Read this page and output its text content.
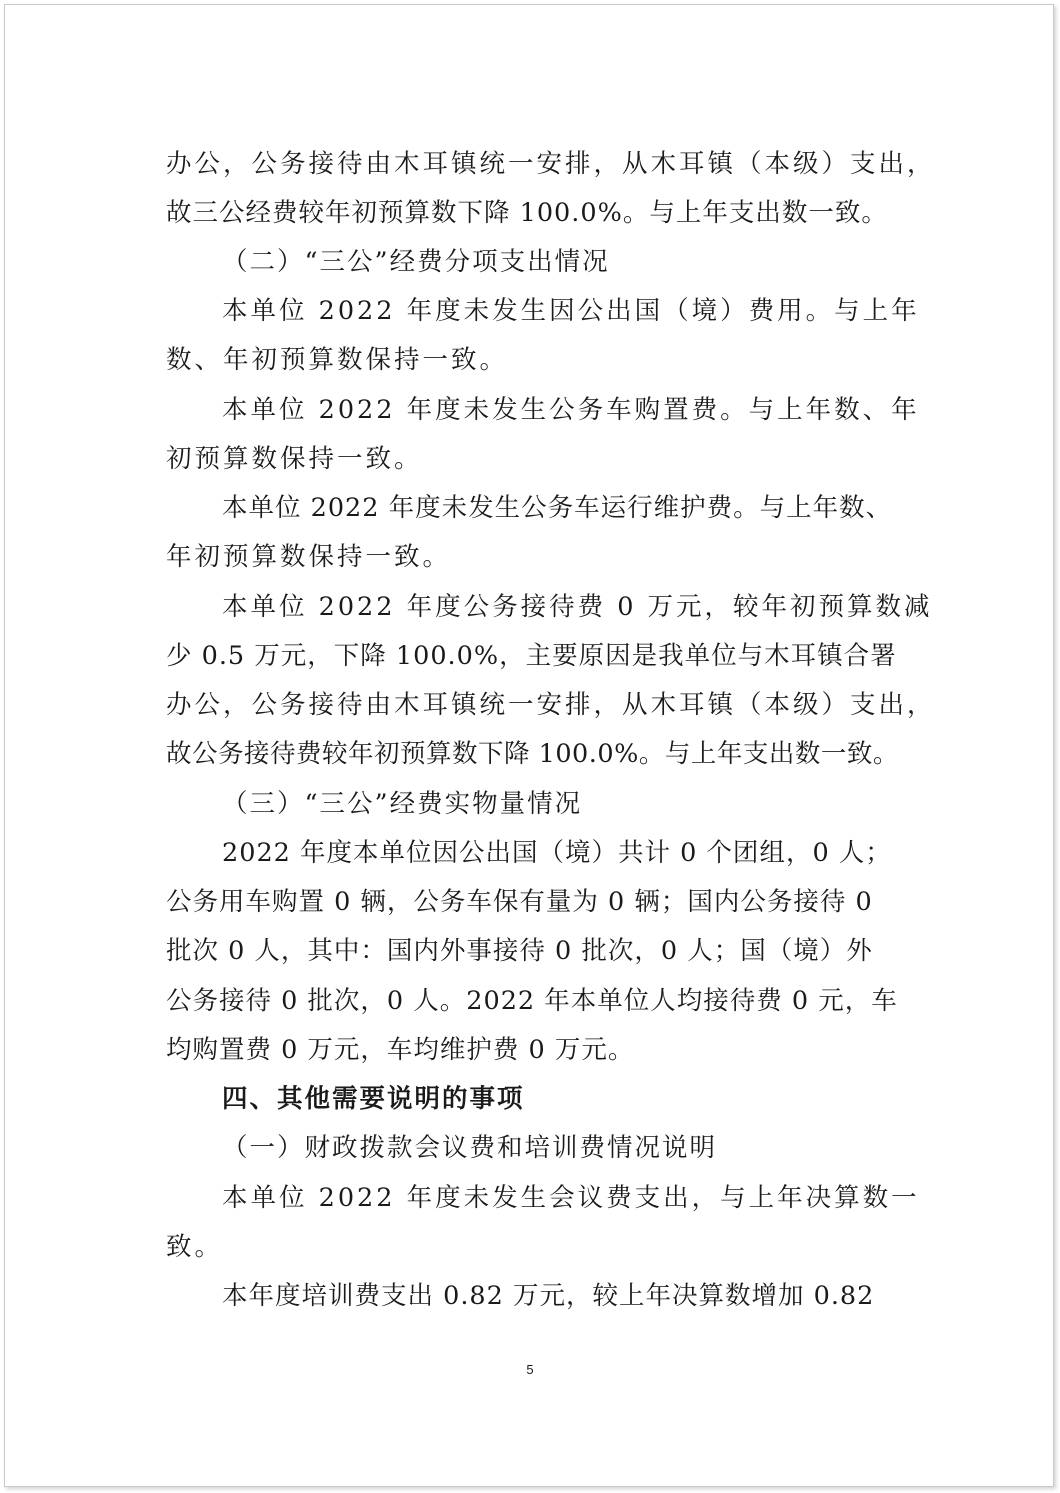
办公，公务接待由木耳镇统一安排，从木耳镇（本级）支出，
故三公经费较年初预算数下降 100.0%。与上年支出数一致。
（二）“三公”经费分项支出情况
本单位 2022 年度未发生因公出国（境）费用。与上年
数、年初预算数保持一致。
本单位 2022 年度未发生公务车购置费。与上年数、年
初预算数保持一致。
本单位 2022 年度未发生公务车运行维护费。与上年数、
年初预算数保持一致。
本单位 2022 年度公务接待费 0 万元，较年初预算数减
少 0.5 万元，下降 100.0%，主要原因是我单位与木耳镇合署
办公，公务接待由木耳镇统一安排，从木耳镇（本级）支出，
故公务接待费较年初预算数下降 100.0%。与上年支出数一致。
（三）“三公”经费实物量情况
2022 年度本单位因公出国（境）共计 0 个团组，0 人；
公务用车购置 0 辆，公务车保有量为 0 辆；国内公务接待 0
批次 0 人，其中：国内外事接待 0 批次，0 人；国（境）外
公务接待 0 批次，0 人。2022 年本单位人均接待费 0 元，车
均购置费 0 万元，车均维护费 0 万元。
四、其他需要说明的事项
（一）财政拨款会议费和培训费情况说明
本单位 2022 年度未发生会议费支出，与上年决算数一
致。
本年度培训费支出 0.82 万元，较上年决算数增加 0.82
5
